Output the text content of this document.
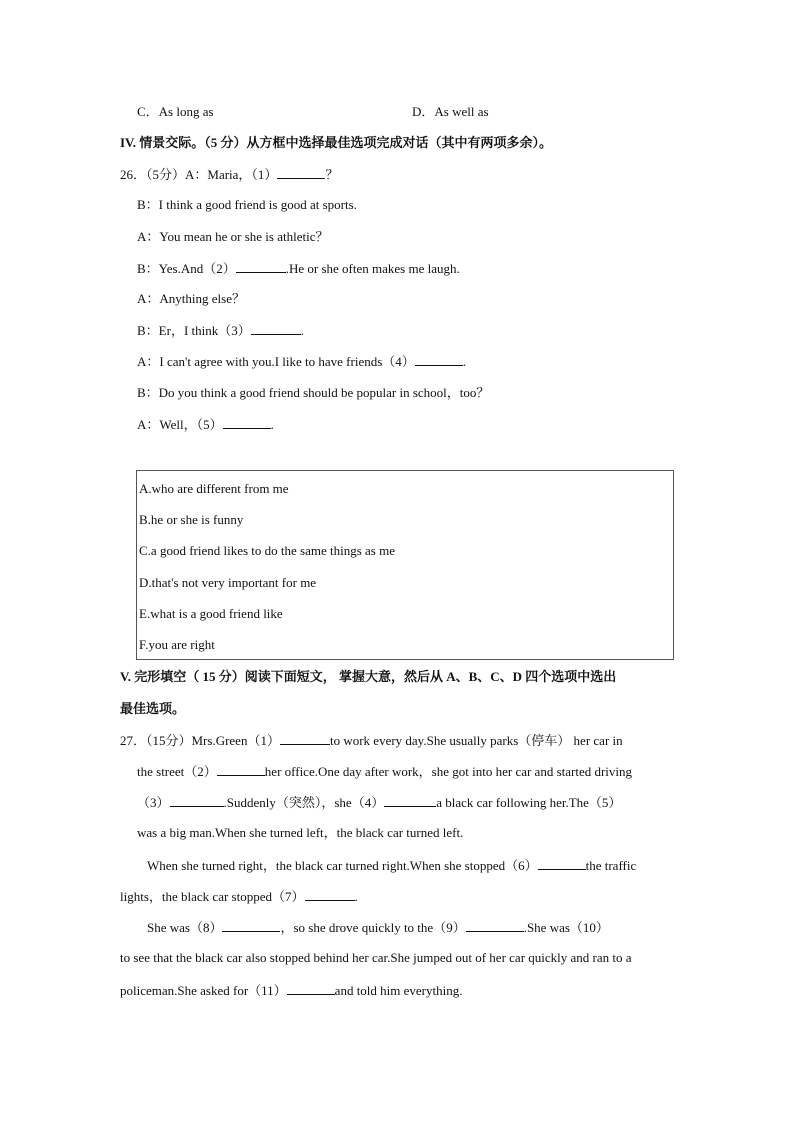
C．As long as	D．As well as
IV. 情景交际。（5 分）从方框中选择最佳选项完成对话（其中有两项多余）。
26．（5分）A：Maria，（1）	？
B：I think a good friend is good at sports.
A：You mean he or she is athletic？
B：Yes.And（2）	.He or she often makes me laugh.
A：Anything else？
B：Er，I think（3）	.
A：I can't agree with you.I like to have friends（4）	.
B：Do you think a good friend should be popular in school，too？
A：Well，（5）	.
A.who are different from me
B.he or she is funny
C.a good friend likes to do the same things as me
D.that's not very important for me
E.what is a good friend like
F.you are right
V. 完形填空（ 15 分）阅读下面短文， 掌握大意，然后从 A、B、C、D 四个选项中选出
最佳选项。
27．（15分）Mrs.Green（1）	to work every day.She usually parks（停车） her car in
the street（2）	her office.One day after work，she got into her car and started driving
（3）	.Suddenly（突然），she（4）	a black car following her.The（5）
was a big man.When she turned left，the black car turned left.
When she turned right，the black car turned right.When she stopped（6）	the traffic
lights，the black car stopped（7）	.
She was（8）	，so she drove quickly to the（9）	.She was（10）
to see that the black car also stopped behind her car.She jumped out of her car quickly and ran to a
policeman.She asked for（11）	and told him everything.
